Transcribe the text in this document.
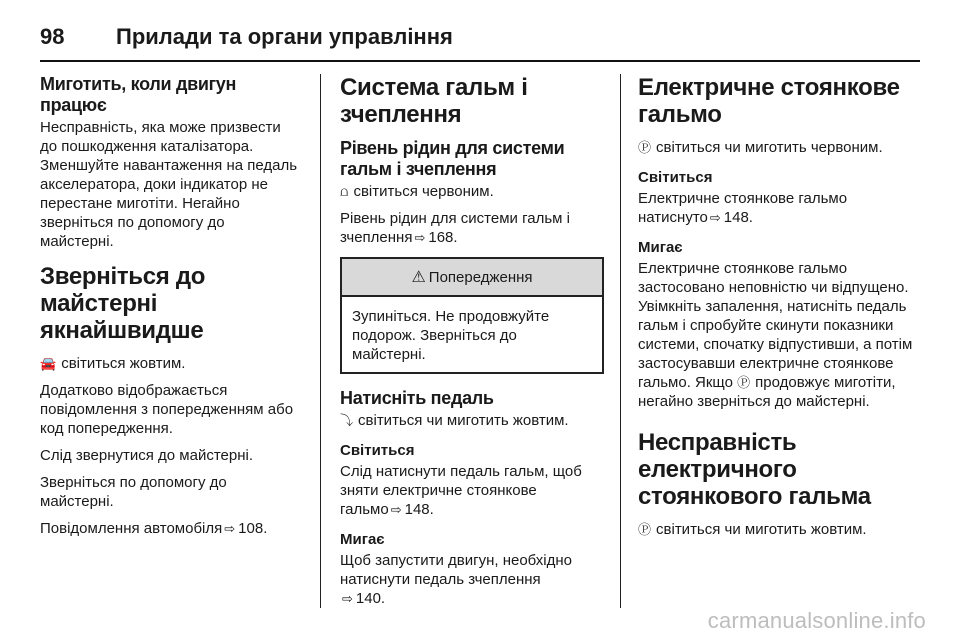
98	Прилади та органи управління
Миготить, коли двигун працює

Несправність, яка може призвести до пошкодження каталізатора. Зменшуйте навантаження на педаль акселератора, доки індикатор не перестане миготіти. Негайно зверніться по допомогу до майстерні.

Зверніться до майстерні якнайшвидше

🚘 світиться жовтим.

Додатково відображається повідомлення з попередженням або код попередження.

Слід звернутися до майстерні.

Зверніться по допомогу до майстерні.

Повідомлення автомобіля ⇨ 108.

Система гальм і зчеплення
Рівень рідин для системи гальм і зчеплення

⩍ світиться червоним.

Рівень рідин для системи гальм і зчеплення ⇨ 168.

⚠ Попередження
Зупиніться. Не продовжуйте подорож. Зверніться до майстерні.
Натисніть педаль

⤵ світиться чи миготить жовтим.

Світиться

Слід натиснути педаль гальм, щоб зняти електричне стоянкове гальмо ⇨ 148.

Мигає

Щоб запустити двигун, необхідно натиснути педаль зчеплення
⇨ 140.

Електричне стоянкове гальмо

Ⓟ світиться чи миготить червоним.

Світиться

Електричне стоянкове гальмо натиснуто ⇨ 148.

Мигає

Електричне стоянкове гальмо застосовано неповністю чи відпущено. Увімкніть запалення, натисніть педаль гальм і спробуйте скинути показники системи, спочатку відпустивши, а потім застосувавши електричне стоянкове гальмо. Якщо Ⓟ продовжує миготіти, негайно зверніться до майстерні.

Несправність електричного стоянкового гальма

Ⓟ світиться чи миготить жовтим.

carmanualsonline.info
